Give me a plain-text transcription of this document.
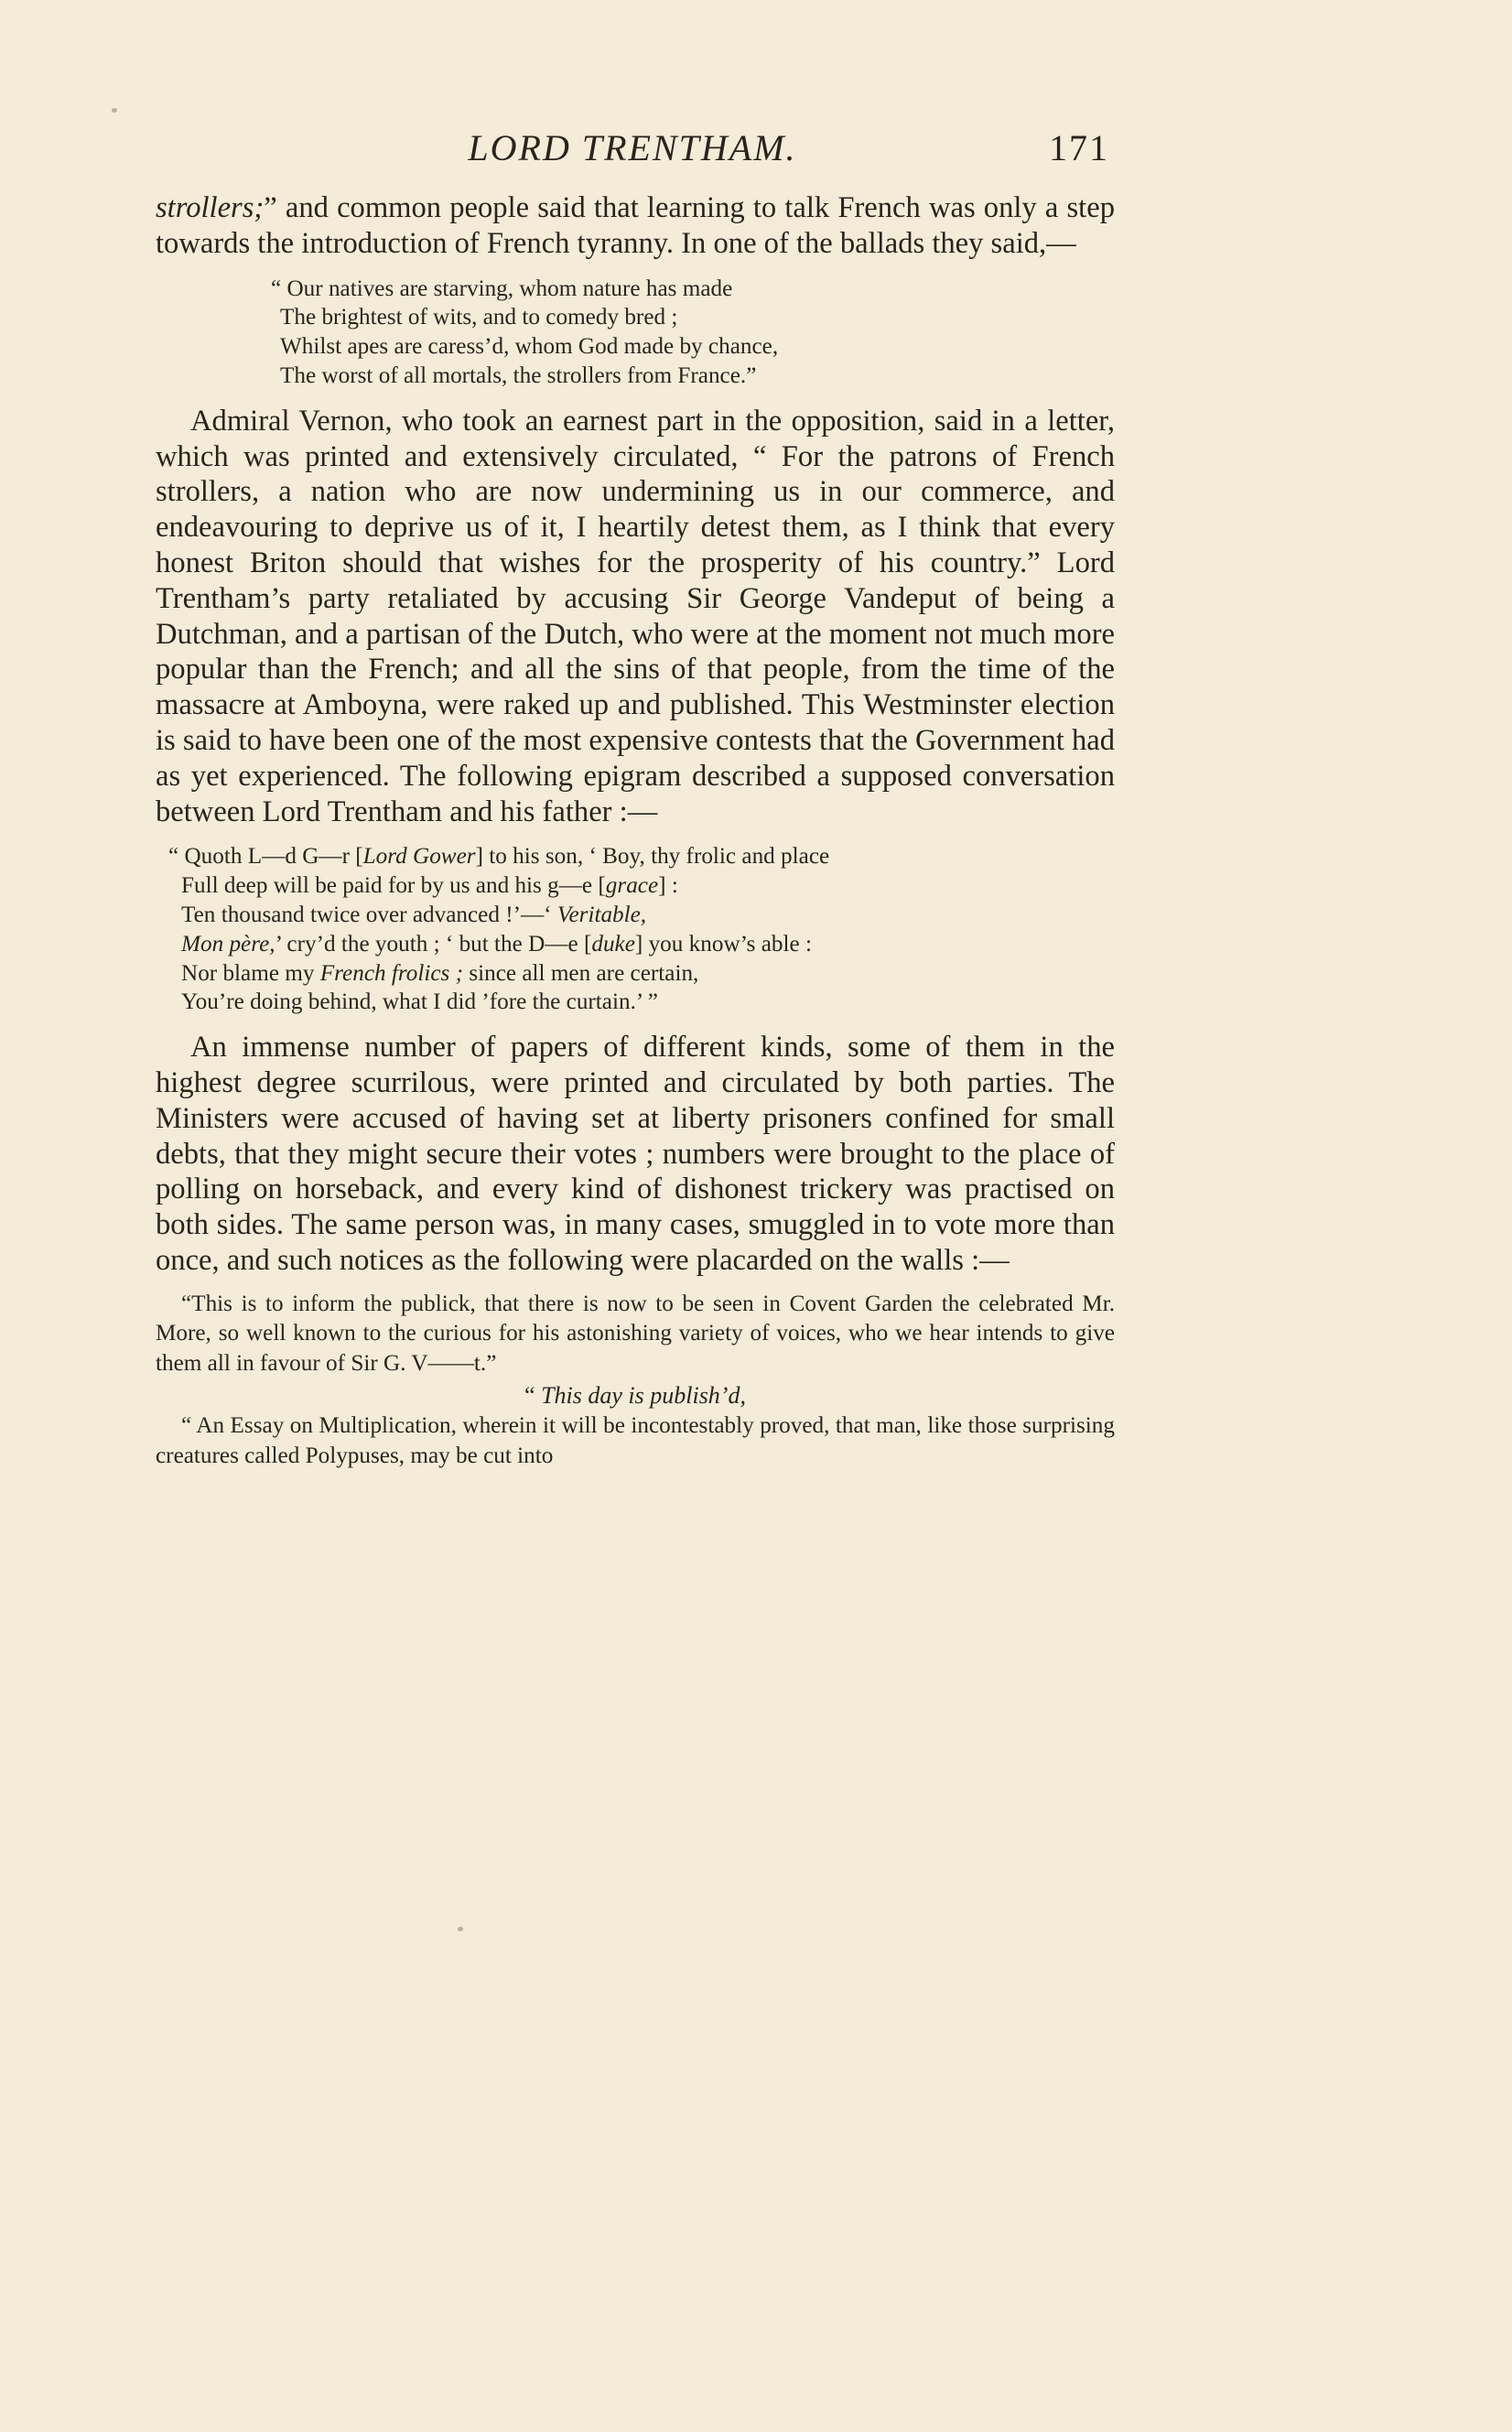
LORD TRENTHAM.	171

strollers;” and common people said that learning to talk French was only a step towards the introduction of French tyranny. In one of the ballads they said,—

“ Our natives are starving, whom nature has made
The brightest of wits, and to comedy bred ;
Whilst apes are caress’d, whom God made by chance,
The worst of all mortals, the strollers from France.”

Admiral Vernon, who took an earnest part in the opposition, said in a letter, which was printed and extensively circulated, “ For the patrons of French strollers, a nation who are now undermining us in our commerce, and endeavouring to deprive us of it, I heartily detest them, as I think that every honest Briton should that wishes for the prosperity of his country.” Lord Trentham’s party retaliated by accusing Sir George Vandeput of being a Dutchman, and a partisan of the Dutch, who were at the moment not much more popular than the French; and all the sins of that people, from the time of the massacre at Amboyna, were raked up and published. This Westminster election is said to have been one of the most expensive contests that the Government had as yet experienced. The following epigram described a supposed conversation between Lord Trentham and his father :—

“ Quoth L—d G—r [Lord Gower] to his son, ‘ Boy, thy frolic and place
Full deep will be paid for by us and his g—e [grace] :
Ten thousand twice over advanced !’—‘ Veritable,
Mon père,’ cry’d the youth ; ‘ but the D—e [duke] you know’s able :
Nor blame my French frolics ; since all men are certain,
You’re doing behind, what I did ’fore the curtain.’ ”

An immense number of papers of different kinds, some of them in the highest degree scurrilous, were printed and circulated by both parties. The Ministers were accused of having set at liberty prisoners confined for small debts, that they might secure their votes ; numbers were brought to the place of polling on horseback, and every kind of dishonest trickery was practised on both sides. The same person was, in many cases, smuggled in to vote more than once, and such notices as the following were placarded on the walls :—

“This is to inform the publick, that there is now to be seen in Covent Garden the celebrated Mr. More, so well known to the curious for his astonishing variety of voices, who we hear intends to give them all in favour of Sir G. V——t.”

“ This day is publish’d,

“ An Essay on Multiplication, wherein it will be incontestably proved, that man, like those surprising creatures called Polypuses, may be cut into
